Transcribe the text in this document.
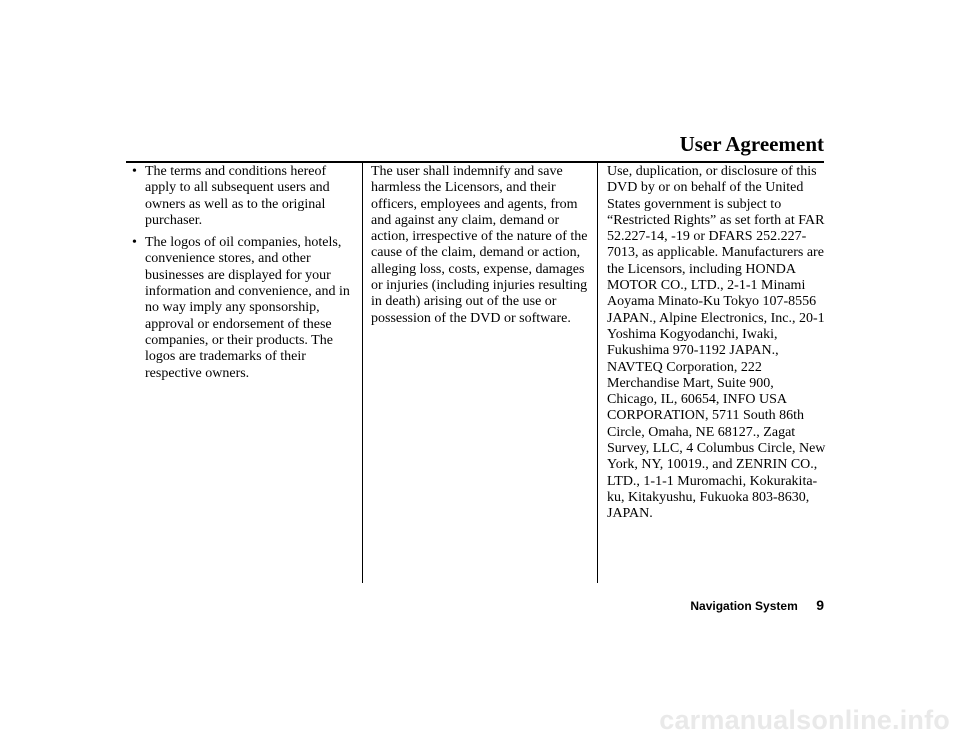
User Agreement
• The terms and conditions hereof apply to all subsequent users and owners as well as to the original purchaser.
• The logos of oil companies, hotels, convenience stores, and other businesses are displayed for your information and convenience, and in no way imply any sponsorship, approval or endorsement of these companies, or their products. The logos are trademarks of their respective owners.

The user shall indemnify and save harmless the Licensors, and their officers, employees and agents, from and against any claim, demand or action, irrespective of the nature of the cause of the claim, demand or action, alleging loss, costs, expense, damages or injuries (including injuries resulting in death) arising out of the use or possession of the DVD or software.

Use, duplication, or disclosure of this DVD by or on behalf of the United States government is subject to “Restricted Rights” as set forth at FAR 52.227-14, -19 or DFARS 252.227-7013, as applicable. Manufacturers are the Licensors, including HONDA MOTOR CO., LTD., 2-1-1 Minami Aoyama Minato-Ku Tokyo 107-8556 JAPAN., Alpine Electronics, Inc., 20-1 Yoshima Kogyodanchi, Iwaki, Fukushima 970-1192 JAPAN., NAVTEQ Corporation, 222 Merchandise Mart, Suite 900, Chicago, IL, 60654, INFO USA CORPORATION, 5711 South 86th Circle, Omaha, NE 68127., Zagat Survey, LLC, 4 Columbus Circle, New York, NY, 10019., and ZENRIN CO., LTD., 1-1-1 Muromachi, Kokurakita-ku, Kitakyushu, Fukuoka 803-8630, JAPAN.

Navigation System 9
carmanualsonline.info
